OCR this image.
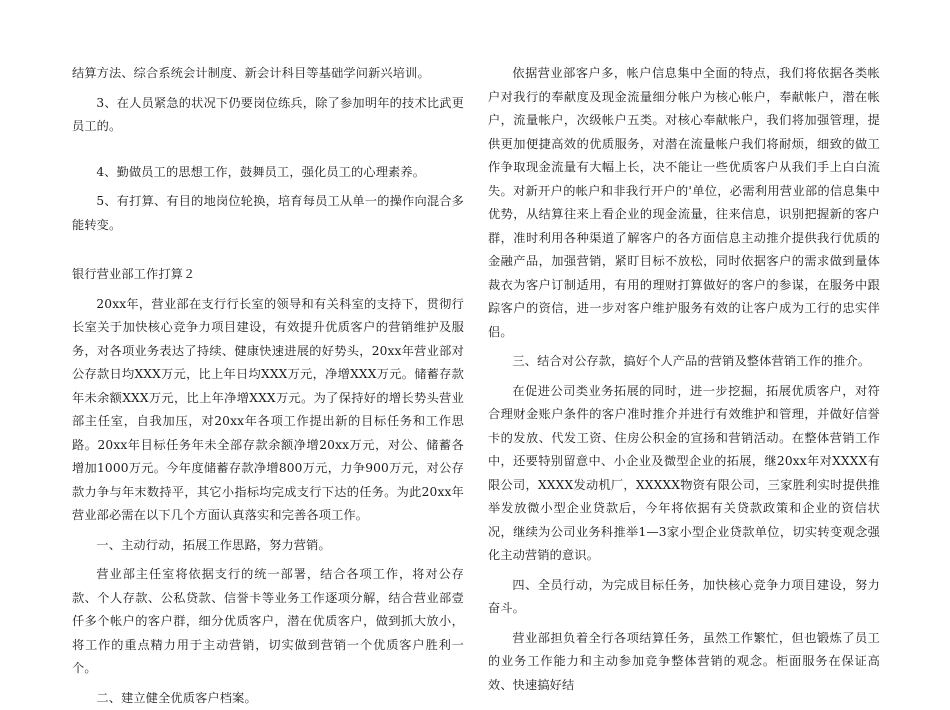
结算方法、综合系统会计制度、新会计科目等基础学问新兴培训。

3、在人员紧急的状况下仍要岗位练兵，除了参加明年的技术比武更员工的。

4、勤做员工的思想工作，鼓舞员工，强化员工的心理素养。

5、有打算、有目的地岗位轮换，培育每员工从单一的操作向混合多能转变。

银行营业部工作打算２

20xx年，营业部在支行行长室的领导和有关科室的支持下，贯彻行长室关于加快核心竞争力项目建设，有效提升优质客户的营销维护及服务，对各项业务表达了持续、健康快速进展的好势头，20xx年营业部对公存款日均XXX万元，比上年日均XXX万元，净增XXX万元。储蓄存款年未余额XXX万元，比上年净增XXX万元。为了保持好的增长势头营业部主任室，自我加压，对20xx年各项工作提出新的目标任务和工作思路。20xx年目标任务年未全部存款余额净增20xx万元，对公、储蓄各增加1000万元。今年度储蓄存款净增800万元，力争900万元，对公存款力争与年末数持平，其它小指标均完成支行下达的任务。为此20xx年营业部必需在以下几个方面认真落实和完善各项工作。

一、主动行动，拓展工作思路，努力营销。

营业部主任室将依据支行的统一部署，结合各项工作，将对公存款、个人存款、公私贷款、信誉卡等业务工作逐项分解，结合营业部壹仟多个帐户的客户群，细分优质客户，潜在优质客户，做到抓大放小，将工作的重点精力用于主动营销，切实做到营销一个优质客户胜利一个。

二、建立健全优质客户档案。

依据营业部客户多，帐户信息集中全面的特点，我们将依据各类帐户对我行的奉献度及现金流量细分帐户为核心帐户，奉献帐户，潜在帐户，流量帐户，次级帐户五类。对核心奉献帐户，我们将加强管理，提供更加便捷高效的优质服务，对潜在流量帐户我们将耐烦，细致的做工作争取现金流量有大幅上长，决不能让一些优质客户从我们手上白白流失。对新开户的帐户和非我行开户的'单位，必需利用营业部的信息集中优势，从结算往来上看企业的现金流量，往来信息，识别把握新的客户群，准时利用各种渠道了解客户的各方面信息主动推介提供我行优质的金融产品，加强营销，紧盯目标不放松，同时依据客户的需求做到量体裁衣为客户订制适用，有用的理财打算做好的客户的参谋，在服务中跟踪客户的资信，进一步对客户维护服务有效的让客户成为工行的忠实伴侣。

三、结合对公存款，搞好个人产品的营销及整体营销工作的推介。

在促进公司类业务拓展的同时，进一步挖掘，拓展优质客户，对符合理财金账户条件的客户准时推介并进行有效维护和管理，并做好信誉卡的发放、代发工资、住房公积金的宣扬和营销活动。在整体营销工作中，还要特别留意中、小企业及微型企业的拓展，继20xx年对XXXX有限公司，XXXX发动机厂，XXXXX物资有限公司，三家胜利实时提供推举发放微小型企业贷款后，今年将依据有关贷款政策和企业的资信状况，继续为公司业务科推举1—3家小型企业贷款单位，切实转变观念强化主动营销的意识。

四、全员行动，为完成目标任务，加快核心竞争力项目建设，努力奋斗。

营业部担负着全行各项结算任务，虽然工作繁忙，但也锻炼了员工的业务工作能力和主动参加竞争整体营销的观念。柜面服务在保证高效、快速搞好结
